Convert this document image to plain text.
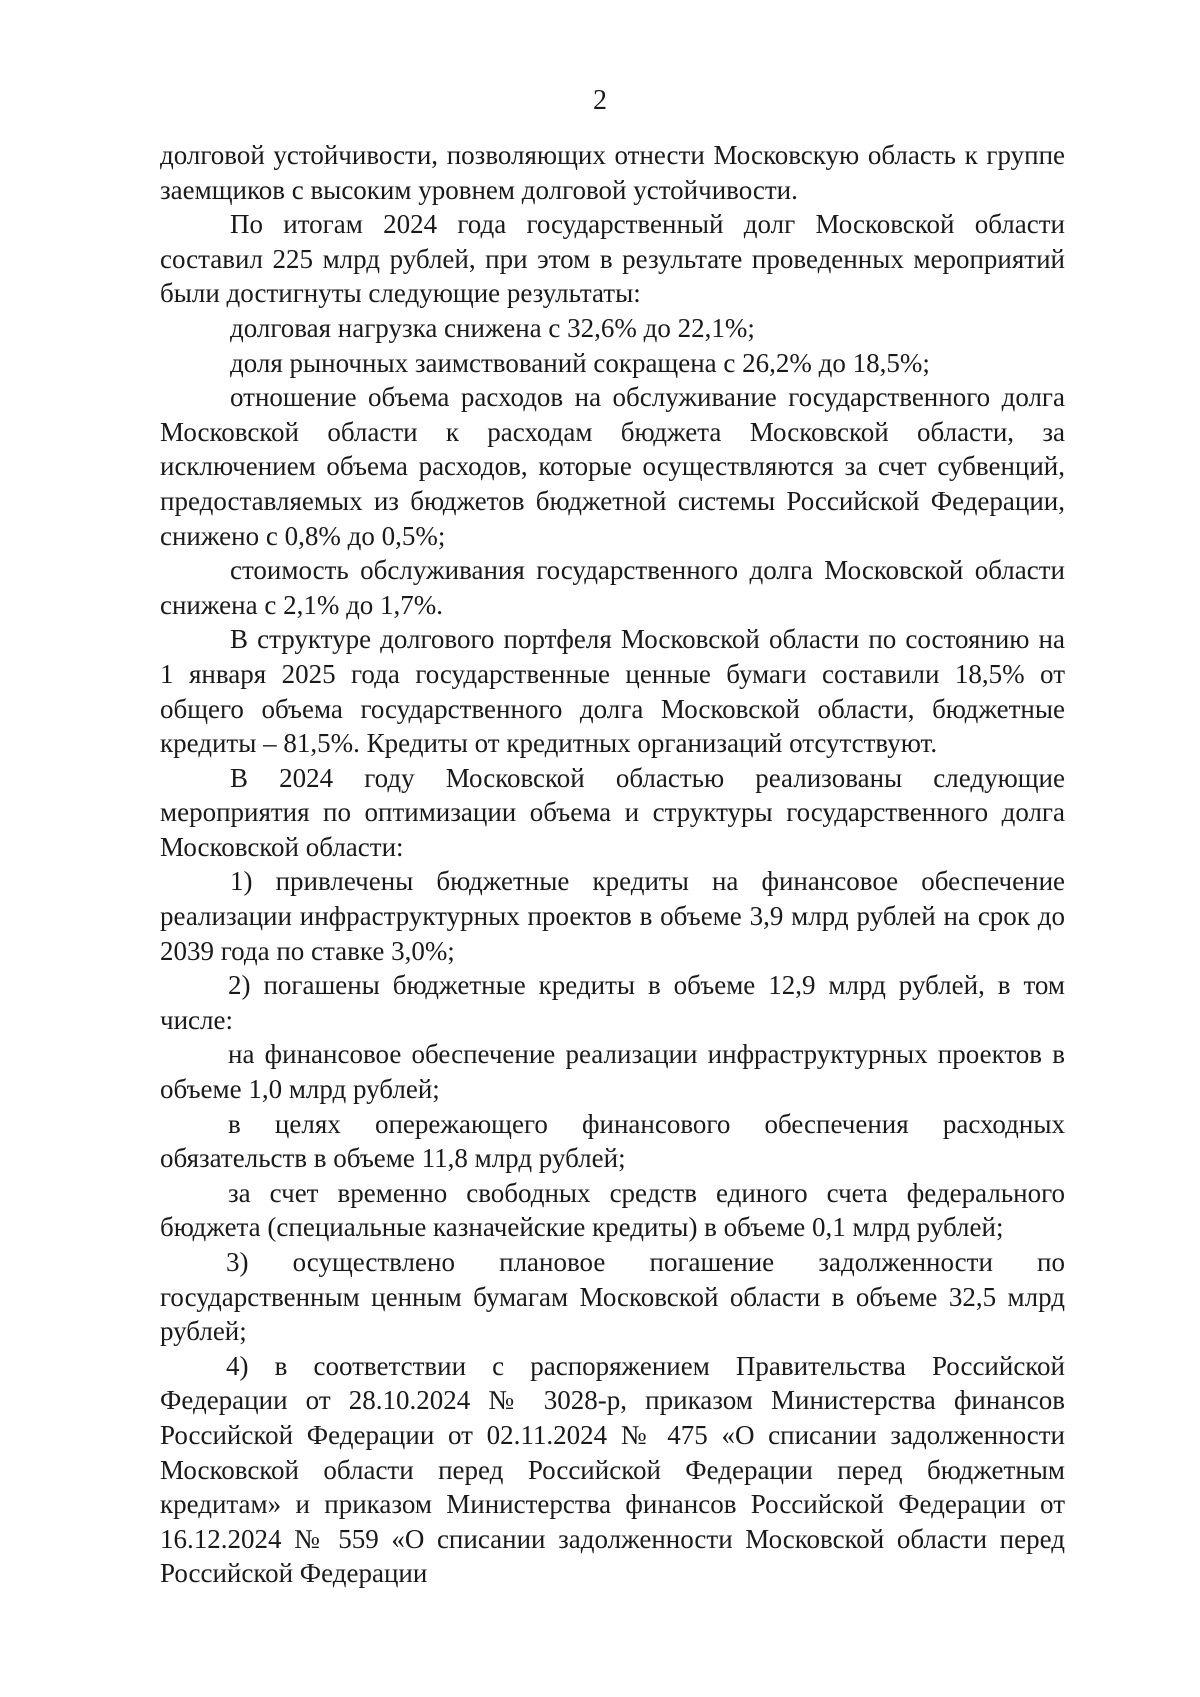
2

долговой устойчивости, позволяющих отнести Московскую область к группе заемщиков с высоким уровнем долговой устойчивости.

По итогам 2024 года государственный долг Московской области составил 225 млрд рублей, при этом в результате проведенных мероприятий были достигнуты следующие результаты:

долговая нагрузка снижена с 32,6% до 22,1%;

доля рыночных заимствований сокращена с 26,2% до 18,5%;

отношение объема расходов на обслуживание государственного долга Московской области к расходам бюджета Московской области, за исключением объема расходов, которые осуществляются за счет субвенций, предоставляемых из бюджетов бюджетной системы Российской Федерации, снижено с 0,8% до 0,5%;

стоимость обслуживания государственного долга Московской области снижена с 2,1% до 1,7%.

В структуре долгового портфеля Московской области по состоянию на 1 января 2025 года государственные ценные бумаги составили 18,5% от общего объема государственного долга Московской области, бюджетные кредиты – 81,5%. Кредиты от кредитных организаций отсутствуют.

В 2024 году Московской областью реализованы следующие мероприятия по оптимизации объема и структуры государственного долга Московской области:

1) привлечены бюджетные кредиты на финансовое обеспечение реализации инфраструктурных проектов в объеме 3,9 млрд рублей на срок до 2039 года по ставке 3,0%;

2) погашены бюджетные кредиты в объеме 12,9 млрд рублей, в том числе:

на финансовое обеспечение реализации инфраструктурных проектов в объеме 1,0 млрд рублей;

в целях опережающего финансового обеспечения расходных обязательств в объеме 11,8 млрд рублей;

за счет временно свободных средств единого счета федерального бюджета (специальные казначейские кредиты) в объеме 0,1 млрд рублей;

3) осуществлено плановое погашение задолженности по государственным ценным бумагам Московской области в объеме 32,5 млрд рублей;

4) в соответствии с распоряжением Правительства Российской Федерации от 28.10.2024 № 3028-р, приказом Министерства финансов Российской Федерации от 02.11.2024 № 475 «О списании задолженности Московской области перед Российской Федерации перед бюджетным кредитам» и приказом Министерства финансов Российской Федерации от 16.12.2024 № 559 «О списании задолженности Московской области перед Российской Федерации
